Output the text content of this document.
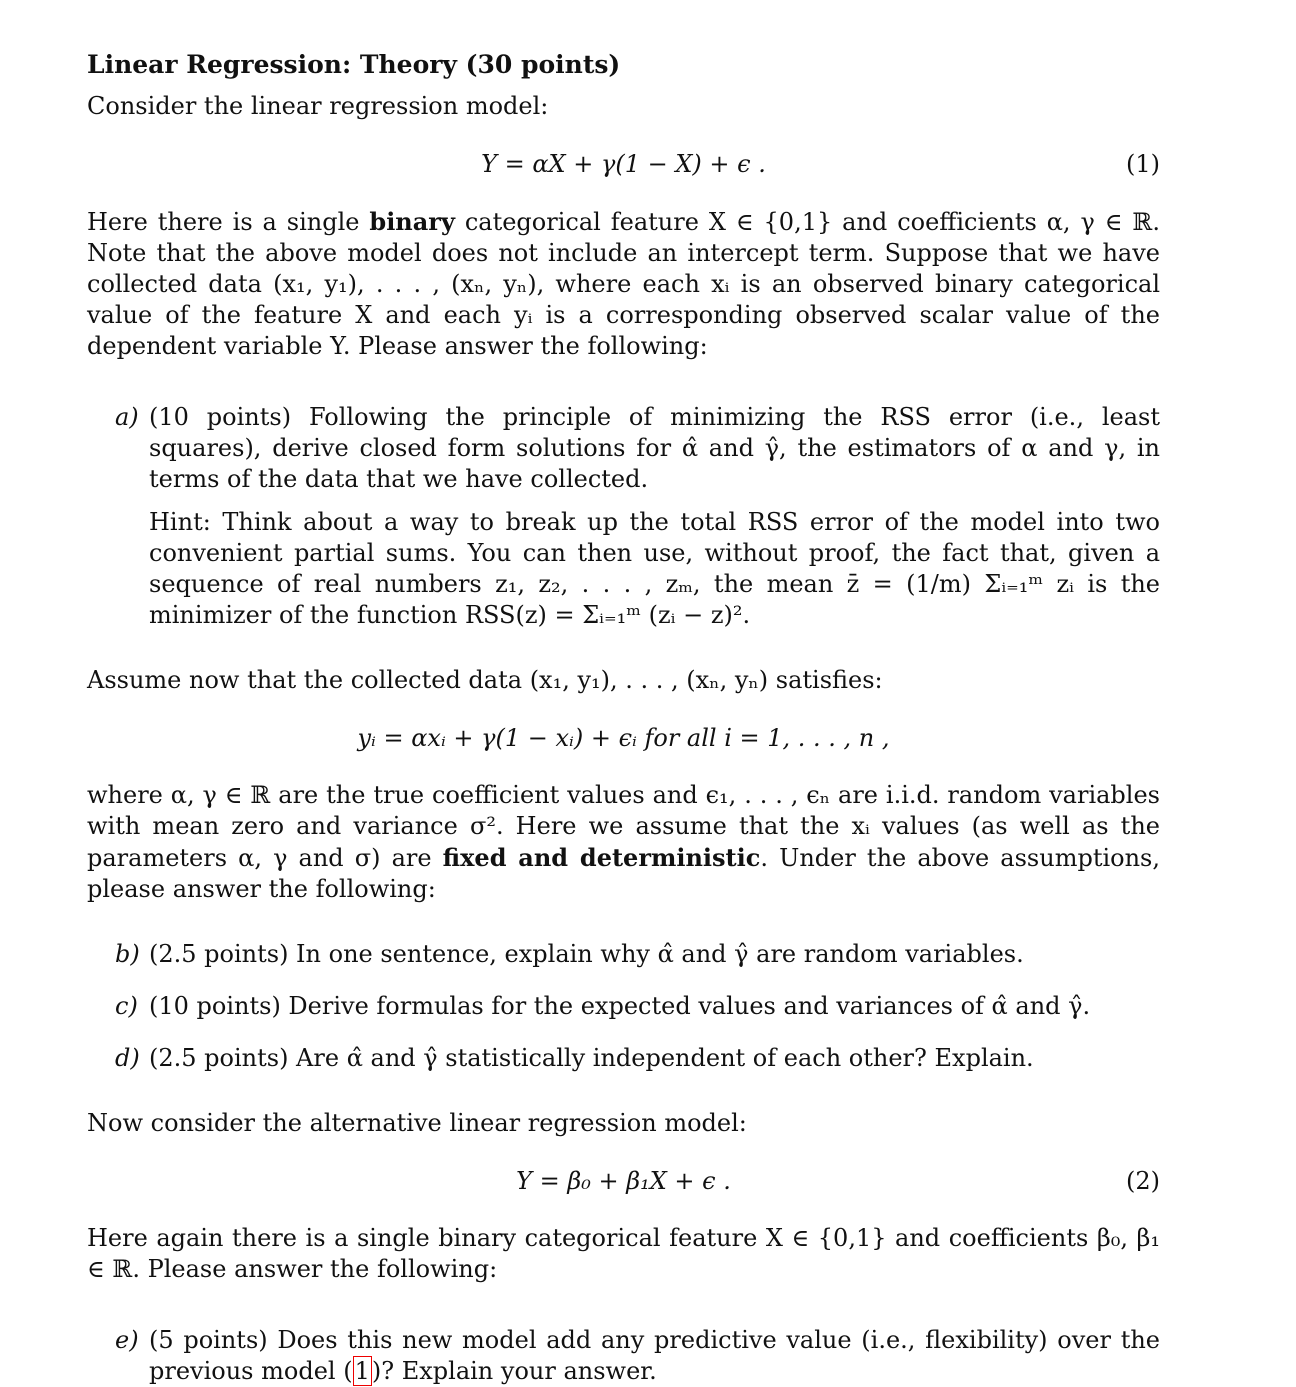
Linear Regression: Theory (30 points)

Consider the linear regression model:

Y = αX + γ(1 − X) + ϵ .	(1)

Here there is a single binary categorical feature X ∈ {0,1} and coefficients α, γ ∈ ℝ. Note that the above model does not include an intercept term. Suppose that we have collected data (x₁, y₁), . . . , (xₙ, yₙ), where each xᵢ is an observed binary categorical value of the feature X and each yᵢ is a corresponding observed scalar value of the dependent variable Y. Please answer the following:

a) (10 points) Following the principle of minimizing the RSS error (i.e., least squares), derive closed form solutions for α̂ and γ̂, the estimators of α and γ, in terms of the data that we have collected.
Hint: Think about a way to break up the total RSS error of the model into two convenient partial sums. You can then use, without proof, the fact that, given a sequence of real numbers z₁, z₂, . . . , zₘ, the mean z̄ = (1/m) Σᵢ₌₁ᵐ zᵢ is the minimizer of the function RSS(z) = Σᵢ₌₁ᵐ (zᵢ − z)².

Assume now that the collected data (x₁, y₁), . . . , (xₙ, yₙ) satisfies:

yᵢ = αxᵢ + γ(1 − xᵢ) + ϵᵢ for all i = 1, . . . , n ,

where α, γ ∈ ℝ are the true coefficient values and ϵ₁, . . . , ϵₙ are i.i.d. random variables with mean zero and variance σ². Here we assume that the xᵢ values (as well as the parameters α, γ and σ) are fixed and deterministic. Under the above assumptions, please answer the following:

b) (2.5 points) In one sentence, explain why α̂ and γ̂ are random variables.
c) (10 points) Derive formulas for the expected values and variances of α̂ and γ̂.
d) (2.5 points) Are α̂ and γ̂ statistically independent of each other? Explain.

Now consider the alternative linear regression model:

Y = β₀ + β₁X + ϵ .	(2)

Here again there is a single binary categorical feature X ∈ {0,1} and coefficients β₀, β₁ ∈ ℝ. Please answer the following:

e) (5 points) Does this new model add any predictive value (i.e., flexibility) over the previous model (1)? Explain your answer.
